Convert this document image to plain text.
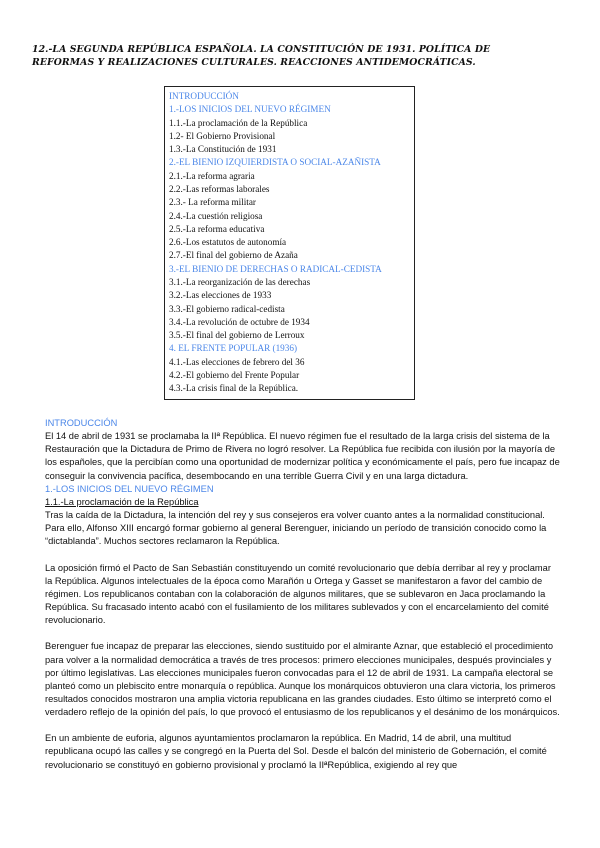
12.-LA SEGUNDA REPÚBLICA ESPAÑOLA. LA CONSTITUCIÓN DE 1931. POLÍTICA DE REFORMAS Y REALIZACIONES CULTURALES. REACCIONES ANTIDEMOCRÁTICAS.
INTRODUCCIÓN
1.-LOS INICIOS DEL NUEVO RÉGIMEN
1.1.-La proclamación de la República
1.2- El Gobierno Provisional
1.3.-La Constitución de 1931
2.-EL BIENIO IZQUIERDISTA O SOCIAL-AZAÑISTA
2.1.-La reforma agraria
2.2.-Las reformas laborales
2.3.- La reforma militar
2.4.-La cuestión religiosa
2.5.-La reforma educativa
2.6.-Los estatutos de autonomía
2.7.-El final del gobierno de Azaña
3.-EL BIENIO DE DERECHAS O RADICAL-CEDISTA
3.1.-La reorganización de las derechas
3.2.-Las elecciones de 1933
3.3.-El gobierno radical-cedista
3.4.-La revolución de octubre de 1934
3.5.-El final del gobierno de Lerroux
4. EL FRENTE POPULAR (1936)
4.1.-Las elecciones de febrero del 36
4.2.-El gobierno del Frente Popular
4.3.-La crisis final de la República.
INTRODUCCIÓN

El 14 de abril de 1931 se proclamaba la IIª República. El nuevo régimen fue el resultado de la larga crisis del sistema de la Restauración que la Dictadura de Primo de Rivera no logró resolver. La República fue recibida con ilusión por la mayoría de los españoles, que la percibían como una oportunidad de modernizar política y económicamente el país, pero fue incapaz de conseguir la convivencia pacífica, desembocando en una terrible Guerra Civil y en una larga dictadura.

1.-LOS INICIOS DEL NUEVO RÉGIMEN
1.1.-La proclamación de la República

Tras la caída de la Dictadura, la intención del rey y sus consejeros era volver cuanto antes a la normalidad constitucional. Para ello, Alfonso XIII encargó formar gobierno al general Berenguer, iniciando un período de transición conocido como la “dictablanda”. Muchos sectores reclamaron la República.

La oposición firmó el Pacto de San Sebastián constituyendo un comité revolucionario que debía derribar al rey y proclamar la República. Algunos intelectuales de la época como Marañón u Ortega y Gasset se manifestaron a favor del cambio de régimen. Los republicanos contaban con la colaboración de algunos militares, que se sublevaron en Jaca proclamando la República. Su fracasado intento acabó con el fusilamiento de los militares sublevados y con el encarcelamiento del comité revolucionario.

Berenguer fue incapaz de preparar las elecciones, siendo sustituido por el almirante Aznar, que estableció el procedimiento para volver a la normalidad democrática a través de tres procesos: primero elecciones municipales, después provinciales y por último legislativas. Las elecciones municipales fueron convocadas para el 12 de abril de 1931. La campaña electoral se planteó como un plebiscito entre monarquía o república. Aunque los monárquicos obtuvieron una clara victoria, los primeros resultados conocidos mostraron una amplia victoria republicana en las grandes ciudades. Esto último se interpretó como el verdadero reflejo de la opinión del país, lo que provocó el entusiasmo de los republicanos y el desánimo de los monárquicos.

En un ambiente de euforia, algunos ayuntamientos proclamaron la república. En Madrid, 14 de abril, una multitud republicana ocupó las calles y se congregó en la Puerta del Sol. Desde el balcón del ministerio de Gobernación, el comité revolucionario se constituyó en gobierno provisional y proclamó la IIªRepública, exigiendo al rey que
